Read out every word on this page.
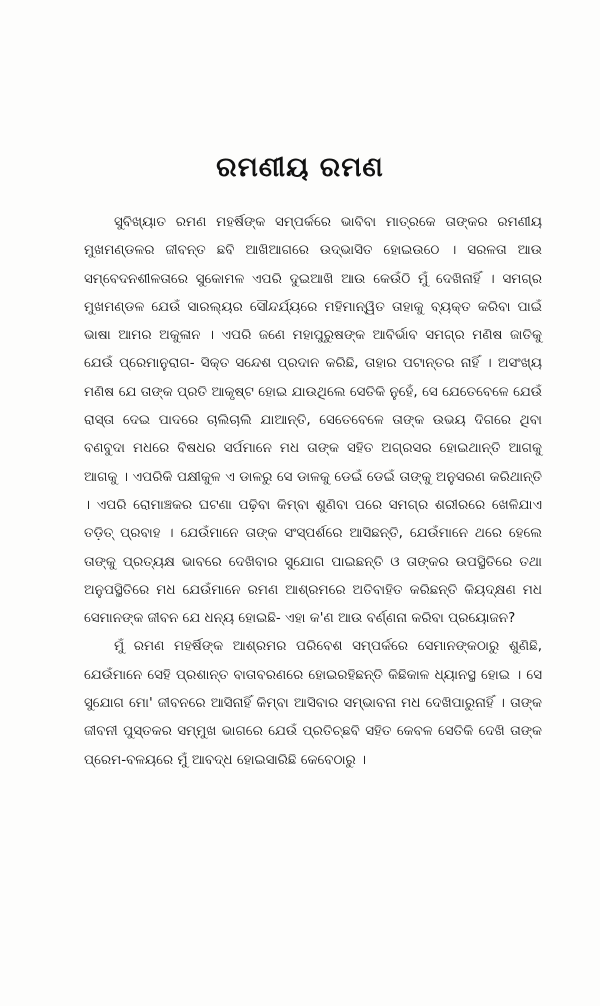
ରମଣୀୟ ରମଣ

ସୁବିଖ୍ୟାତ ରମଣ ମହର୍ଷିଙ୍କ ସମ୍ପର୍କରେ ଭାବିବା ମାତ୍ରକେ ତାଙ୍କର ରମଣୀୟ ମୁଖମଣ୍ଡଳର ଜୀବନ୍ତ ଛବି ଆଖିଆଗରେ ଉଦ୍ଭାସିତ ହୋଇଉଠେ । ସରଳତା ଆଉ ସମ୍ବେଦନଶୀଳତାରେ ସୁକୋମଳ ଏପରି ଦୁଇଆଖି ଆଉ କେଉଁଠି ମୁଁ ଦେଖିନାହିଁ । ସମଗ୍ର ମୁଖମଣ୍ଡଳ ଯେଉଁ ସାରଲ୍ୟର ସୌନ୍ଦର୍ଯ୍ୟରେ ମହିମାନ୍ୱିତ ତାହାକୁ ବ୍ୟକ୍ତ କରିବା ପାଇଁ ଭାଷା ଆମର ଅକୁଳାନ । ଏପରି ଜଣେ ମହାପୁରୁଷଙ୍କ ଆବିର୍ଭାବ ସମଗ୍ର ମଣିଷ ଜାତିକୁ ଯେଉଁ ପ୍ରେମାନୁରାଗ- ସିକ୍ତ ସନ୍ଦେଶ ପ୍ରଦାନ କରିଛି, ତାହାର ପଟାନ୍ତର ନାହିଁ । ଅସଂଖ୍ୟ ମଣିଷ ଯେ ତାଙ୍କ ପ୍ରତି ଆକୃଷ୍ଟ ହୋଇ ଯାଉଥିଲେ ସେତିକି ନୁହେଁ, ସେ ଯେତେବେଳେ ଯେଉଁ ରାସ୍ତା ଦେଇ ପାଦରେ ଚାଲିଚାଲି ଯାଆନ୍ତି, ସେତେବେଳେ ତାଙ୍କ ଉଭୟ ଦିଗରେ ଥିବା ବଣବୁଦା ମଧରେ ବିଷଧର ସର୍ପମାନେ ମଧ ତାଙ୍କ ସହିତ ଅଗ୍ରସର ହୋଇଥାନ୍ତି ଆଗକୁ ଆଗକୁ । ଏପରିକି ପକ୍ଷୀକୁଳ ଏ ଡାଳରୁ ସେ ଡାଳକୁ ଡେଇଁ ଡେଇଁ ତାଙ୍କୁ ଅନୁସରଣ କରିଥାନ୍ତି । ଏପରି ରୋମାଞ୍ଚକର ଘଟଣା ପଢ଼ିବା କିମ୍ବା ଶୁଣିବା ପରେ ସମଗ୍ର ଶରୀରରେ ଖେଳିଯାଏ ତଡ଼ିତ୍ ପ୍ରବାହ । ଯେଉଁମାନେ ତାଙ୍କ ସଂସ୍ପର୍ଶରେ ଆସିଛନ୍ତି, ଯେଉଁମାନେ ଥରେ ହେଲେ ତାଙ୍କୁ ପ୍ରତ୍ୟକ୍ଷ ଭାବରେ ଦେଖିବାର ସୁଯୋଗ ପାଇଛନ୍ତି ଓ ତାଙ୍କର ଉପସ୍ଥିତିରେ ତଥା ଅନୁପସ୍ଥିତିରେ ମଧ ଯେଉଁମାନେ ରମଣ ଆଶ୍ରମରେ ଅତିବାହିତ କରିଛନ୍ତି କିୟଦ୍‌କ୍ଷଣ ମଧ ସେମାନଙ୍କ ଜୀବନ ଯେ ଧନ୍ୟ ହୋଇଛି- ଏହା କ'ଣ ଆଉ ବର୍ଣ୍ଣନା କରିବା ପ୍ରୟୋଜନ?

ମୁଁ ରମଣ ମହର୍ଷିଙ୍କ ଆଶ୍ରମର ପରିବେଶ ସମ୍ପର୍କରେ ସେମାନଙ୍କଠାରୁ ଶୁଣିଛି, ଯେଉଁମାନେ ସେହି ପ୍ରଶାନ୍ତ ବାତାବରଣରେ ହୋଇରହିଛନ୍ତି କିଛିକାଳ ଧ୍ୟାନସ୍ଥ ହୋଇ । ସେ ସୁଯୋଗ ମୋ' ଜୀବନରେ ଆସିନାହିଁ କିମ୍ବା ଆସିବାର ସମ୍ଭାବନା ମଧ ଦେଖିପାରୁନାହିଁ । ତାଙ୍କ ଜୀବନୀ ପୁସ୍ତକର ସମ୍ମୁଖ ଭାଗରେ ଯେଉଁ ପ୍ରତିଚ୍ଛବି ସହିତ କେବଳ ସେତିକି ଦେଖି ତାଙ୍କ ପ୍ରେମ-ବଳୟରେ ମୁଁ ଆବଦ୍ଧ ହୋଇସାରିଛି କେବେଠାରୁ ।
